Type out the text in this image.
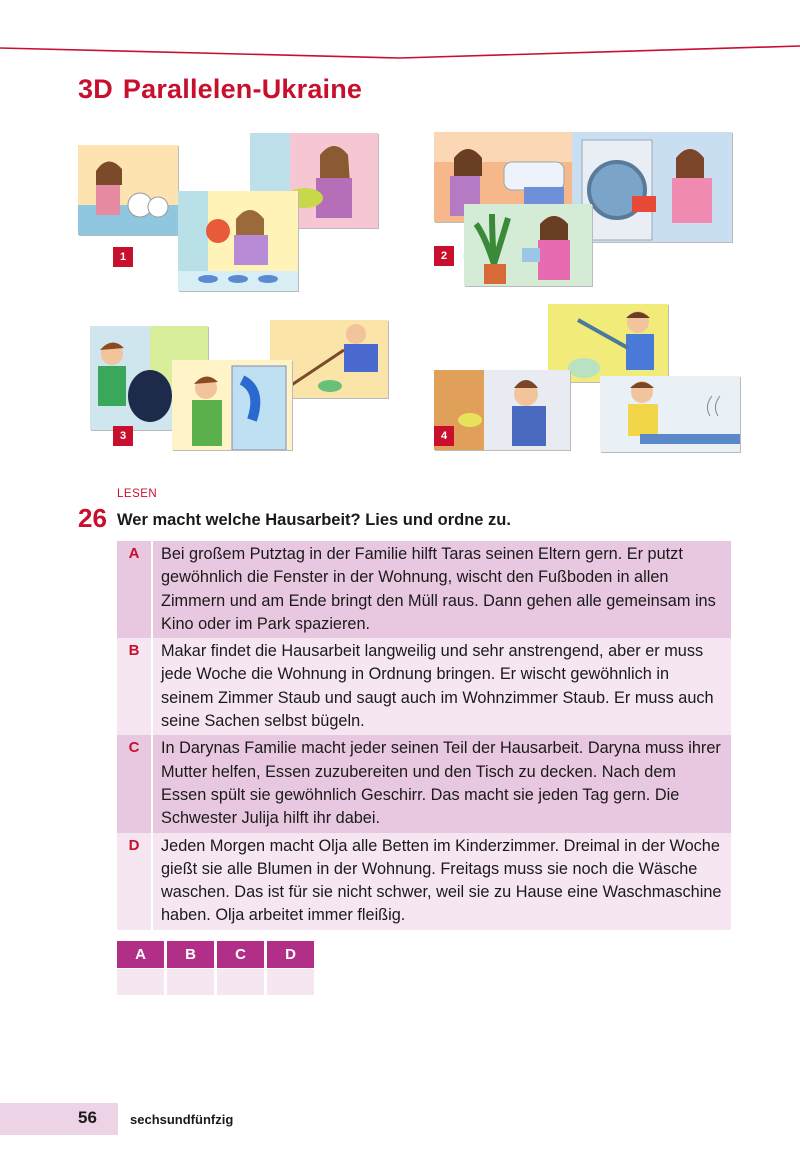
3D Parallelen-Ukraine
1	2
3	4
LESEN
26 Wer macht welche Hausarbeit? Lies und ordne zu.
A	Bei großem Putztag in der Familie hilft Taras seinen Eltern gern. Er putzt gewöhnlich die Fenster in der Wohnung, wischt den Fußboden in allen Zimmern und am Ende bringt den Müll raus. Dann gehen alle gemeinsam ins Kino oder im Park spazieren.
B	Makar findet die Hausarbeit langweilig und sehr anstrengend, aber er muss jede Woche die Wohnung in Ordnung bringen. Er wischt gewöhnlich in seinem Zimmer Staub und saugt auch im Wohnzimmer Staub. Er muss auch seine Sachen selbst bügeln.
C	In Darynas Familie macht jeder seinen Teil der Hausarbeit. Daryna muss ihrer Mutter helfen, Essen zuzubereiten und den Tisch zu decken. Nach dem Essen spült sie gewöhnlich Geschirr. Das macht sie jeden Tag gern. Die Schwester Julija hilft ihr dabei.
D	Jeden Morgen macht Olja alle Betten im Kinderzimmer. Dreimal in der Woche gießt sie alle Blumen in der Wohnung. Freitags muss sie noch die Wäsche waschen. Das ist für sie nicht schwer, weil sie zu Hause eine Waschmaschine haben. Olja arbeitet immer fleißig.
A	B	C	D

56	sechsundfünfzig
